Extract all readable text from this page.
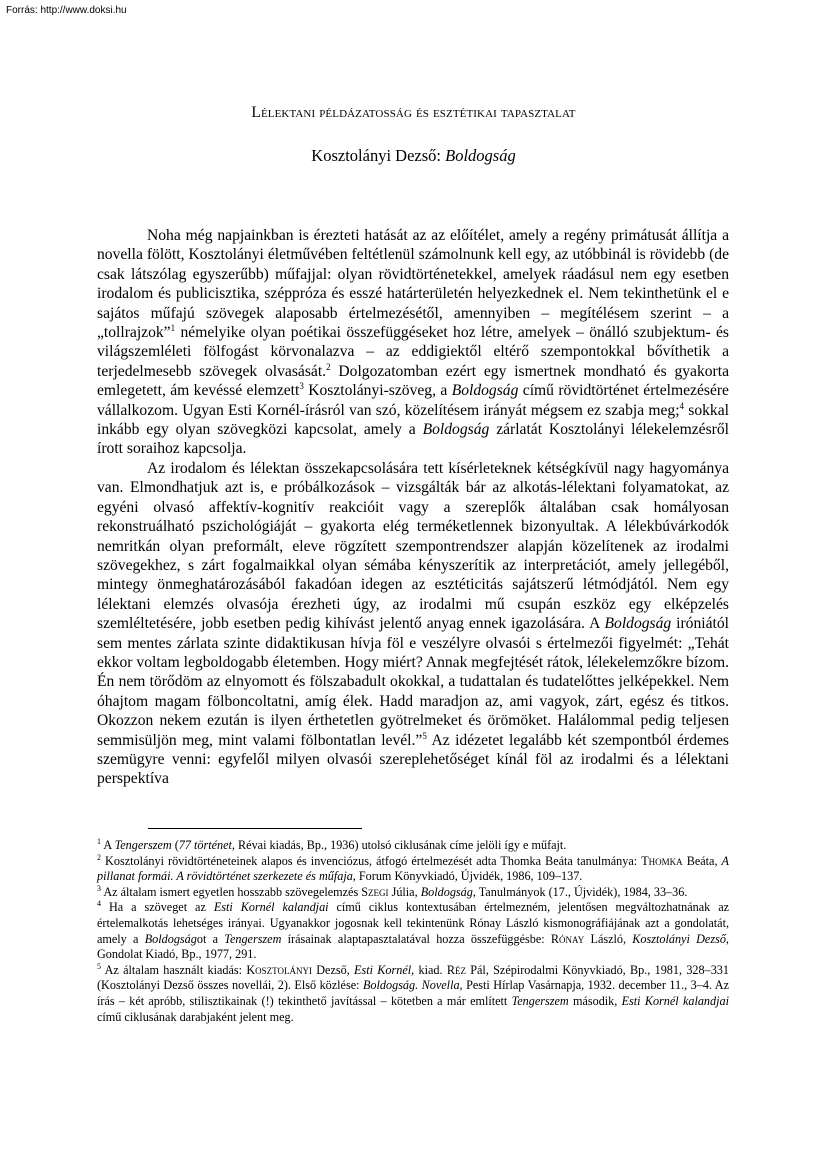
Forrás: http://www.doksi.hu
Lélektani példázatosság és esztétikai tapasztalat
Kosztolányi Dezső: Boldogság

Noha még napjainkban is érezteti hatását az az előítélet, amely a regény primátusát állítja a novella fölött, Kosztolányi életművében feltétlenül számolnunk kell egy, az utóbbinál is rövidebb (de csak látszólag egyszerűbb) műfajjal: olyan rövidtörténetekkel, amelyek ráadásul nem egy esetben irodalom és publicisztika, széppróza és esszé határterületén helyezkednek el. Nem tekinthetünk el e sajátos műfajú szövegek alaposabb értelmezésétől, amennyiben – megítélésem szerint – a „tollrajzok”$^1$ némelyike olyan poétikai összefüggéseket hoz létre, amelyek – önálló szubjektum- és világszemléleti fölfogást körvonalazva – az eddigiektől eltérő szempontokkal bővíthetik a terjedelmesebb szövegek olvasását.$^2$ Dolgozatomban ezért egy ismertnek mondható és gyakorta emlegetett, ám kevéssé elemzett$^3$ Kosztolányi-szöveg, a Boldogság című rövidtörténet értelmezésére vállalkozom. Ugyan Esti Kornél-írásról van szó, közelítésem irányát mégsem ez szabja meg;$^4$ sokkal inkább egy olyan szövegközi kapcsolat, amely a Boldogság zárlatát Kosztolányi lélekelemzésről írott soraihoz kapcsolja.

Az irodalom és lélektan összekapcsolására tett kísérleteknek kétségkívül nagy hagyománya van. Elmondhatjuk azt is, e próbálkozások – vizsgálták bár az alkotás-lélektani folyamatokat, az egyéni olvasó affektív-kognitív reakcióit vagy a szereplők általában csak homályosan rekonstruálható pszichológiáját – gyakorta elég terméketlennek bizonyultak. A lélekbúvárkodók nemritkán olyan preformált, eleve rögzített szempontrendszer alapján közelítenek az irodalmi szövegekhez, s zárt fogalmaikkal olyan sémába kényszerítik az interpretációt, amely jellegéből, mintegy önmeghatározásából fakadóan idegen az esztéticitás sajátszerű létmódjától. Nem egy lélektani elemzés olvasója érezheti úgy, az irodalmi mű csupán eszköz egy elképzelés szemléltetésére, jobb esetben pedig kihívást jelentő anyag ennek igazolására. A Boldogság iróniától sem mentes zárlata szinte didaktikusan hívja föl e veszélyre olvasói s értelmezői figyelmét: „Tehát ekkor voltam legboldogabb életemben. Hogy miért? Annak megfejtését rátok, lélekelemzőkre bízom. Én nem törődöm az elnyomott és fölszabadult okokkal, a tudattalan és tudatelőttes jelképekkel. Nem óhajtom magam fölboncoltatni, amíg élek. Hadd maradjon az, ami vagyok, zárt, egész és titkos. Okozzon nekem ezután is ilyen érthetetlen gyötrelmeket és örömöket. Halálommal pedig teljesen semmisüljön meg, mint valami fölbontatlan levél.”$^5$ Az idézetet legalább két szempontból érdemes szemügyre venni: egyfelől milyen olvasói szereplehetőséget kínál föl az irodalmi és a lélektani perspektíva

$^1$ A Tengerszem (77 történet, Révai kiadás, Bp., 1936) utolsó ciklusának címe jelöli így e műfajt.

$^2$ Kosztolányi rövidtörténeteinek alapos és invenciózus, átfogó értelmezését adta Thomka Beáta tanulmánya: Thomka Beáta, A pillanat formái. A rövidtörténet szerkezete és műfaja, Forum Könyvkiadó, Újvidék, 1986, 109–137.

$^3$ Az általam ismert egyetlen hosszabb szövegelemzés Szegi Júlia, Boldogság, Tanulmányok (17., Újvidék), 1984, 33–36.

$^4$ Ha a szöveget az Esti Kornél kalandjai című ciklus kontextusában értelmezném, jelentősen megváltozhatnának az értelemalkotás lehetséges irányai. Ugyanakkor jogosnak kell tekintenünk Rónay László kismonográfiájának azt a gondolatát, amely a Boldogságot a Tengerszem írásainak alaptapasztalatával hozza összefüggésbe: Rónay László, Kosztolányi Dezső, Gondolat Kiadó, Bp., 1977, 291.

$^5$ Az általam használt kiadás: Kosztolányi Dezső, Esti Kornél, kiad. Réz Pál, Szépirodalmi Könyvkiadó, Bp., 1981, 328–331 (Kosztolányi Dezső összes novellái, 2). Első közlése: Boldogság. Novella, Pesti Hírlap Vasárnapja, 1932. december 11., 3–4. Az írás – két apróbb, stilisztikainak (!) tekinthető javítással – kötetben a már említett Tengerszem második, Esti Kornél kalandjai című ciklusának darabjaként jelent meg.
